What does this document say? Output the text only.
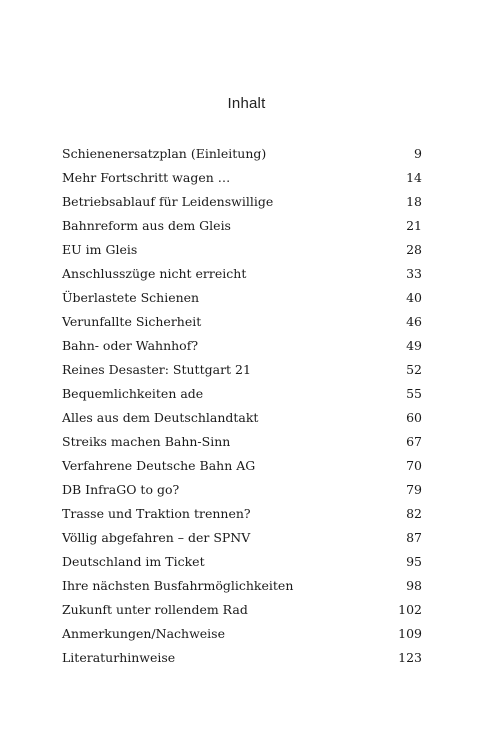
Inhalt
Schienenersatzplan (Einleitung)	9
Mehr Fortschritt wagen …	14
Betriebsablauf für Leidenswillige	18
Bahnreform aus dem Gleis	21
EU im Gleis	28
Anschlusszüge nicht erreicht	33
Überlastete Schienen	40
Verunfallte Sicherheit	46
Bahn- oder Wahnhof?	49
Reines Desaster: Stuttgart 21	52
Bequemlichkeiten ade	55
Alles aus dem Deutschlandtakt	60
Streiks machen Bahn-Sinn	67
Verfahrene Deutsche Bahn AG	70
DB InfraGO to go?	79
Trasse und Traktion trennen?	82
Völlig abgefahren – der SPNV	87
Deutschland im Ticket	95
Ihre nächsten Busfahrmöglichkeiten	98
Zukunft unter rollendem Rad	102
Anmerkungen/Nachweise	109
Literaturhinweise	123
